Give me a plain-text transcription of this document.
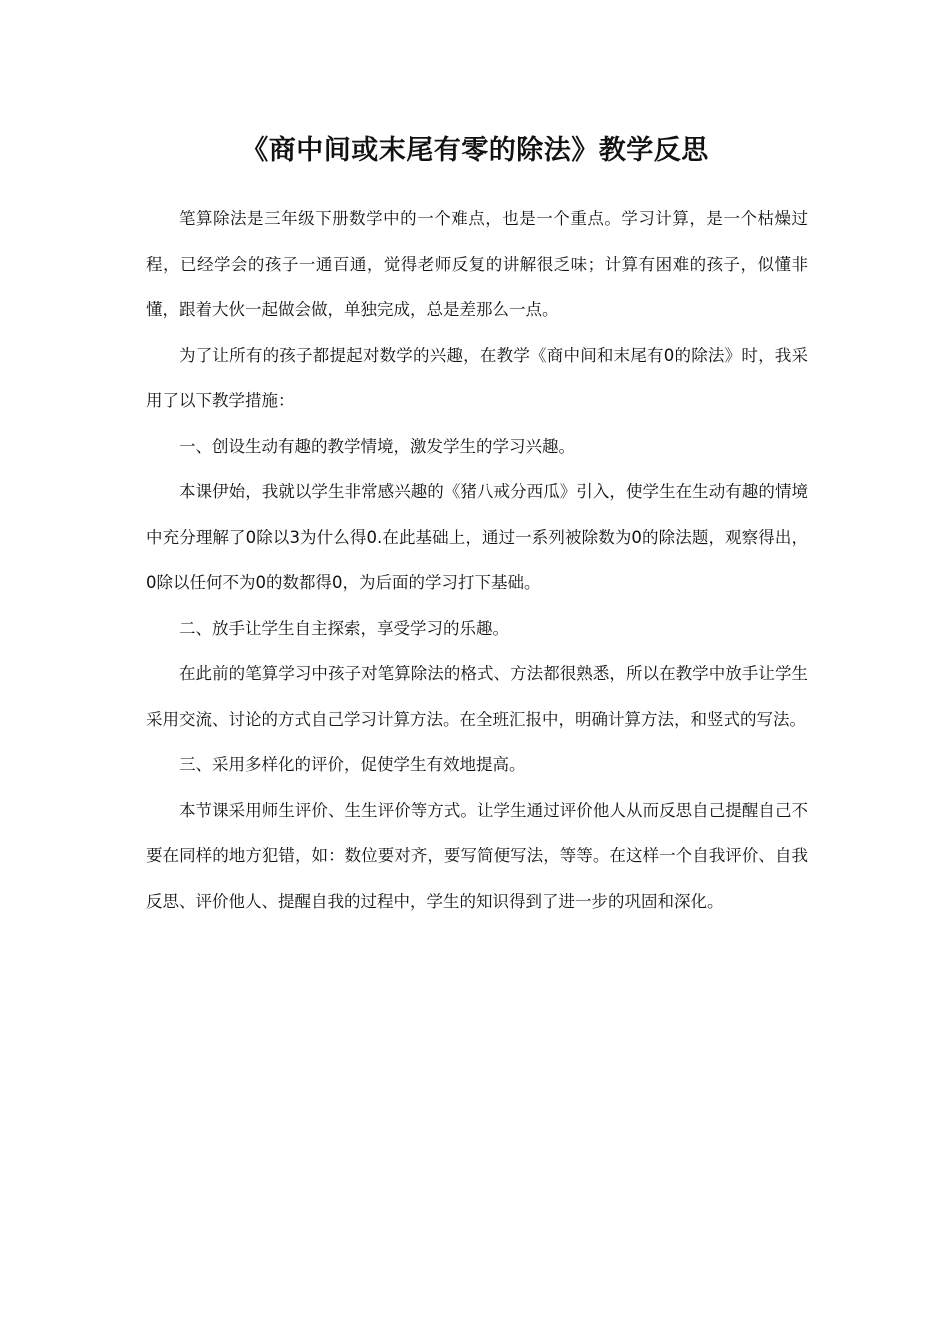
《商中间或末尾有零的除法》教学反思

笔算除法是三年级下册数学中的一个难点，也是一个重点。学习计算，是一个枯燥过程，已经学会的孩子一通百通，觉得老师反复的讲解很乏味；计算有困难的孩子，似懂非懂，跟着大伙一起做会做，单独完成，总是差那么一点。

为了让所有的孩子都提起对数学的兴趣，在教学《商中间和末尾有0的除法》时，我采用了以下教学措施：

一、创设生动有趣的教学情境，激发学生的学习兴趣。

本课伊始，我就以学生非常感兴趣的《猪八戒分西瓜》引入，使学生在生动有趣的情境中充分理解了0除以3为什么得0.在此基础上，通过一系列被除数为0的除法题，观察得出，0除以任何不为0的数都得0，为后面的学习打下基础。

二、放手让学生自主探索，享受学习的乐趣。

在此前的笔算学习中孩子对笔算除法的格式、方法都很熟悉，所以在教学中放手让学生采用交流、讨论的方式自己学习计算方法。在全班汇报中，明确计算方法，和竖式的写法。

三、采用多样化的评价，促使学生有效地提高。

本节课采用师生评价、生生评价等方式。让学生通过评价他人从而反思自己提醒自己不要在同样的地方犯错，如：数位要对齐，要写简便写法，等等。在这样一个自我评价、自我反思、评价他人、提醒自我的过程中，学生的知识得到了进一步的巩固和深化。
